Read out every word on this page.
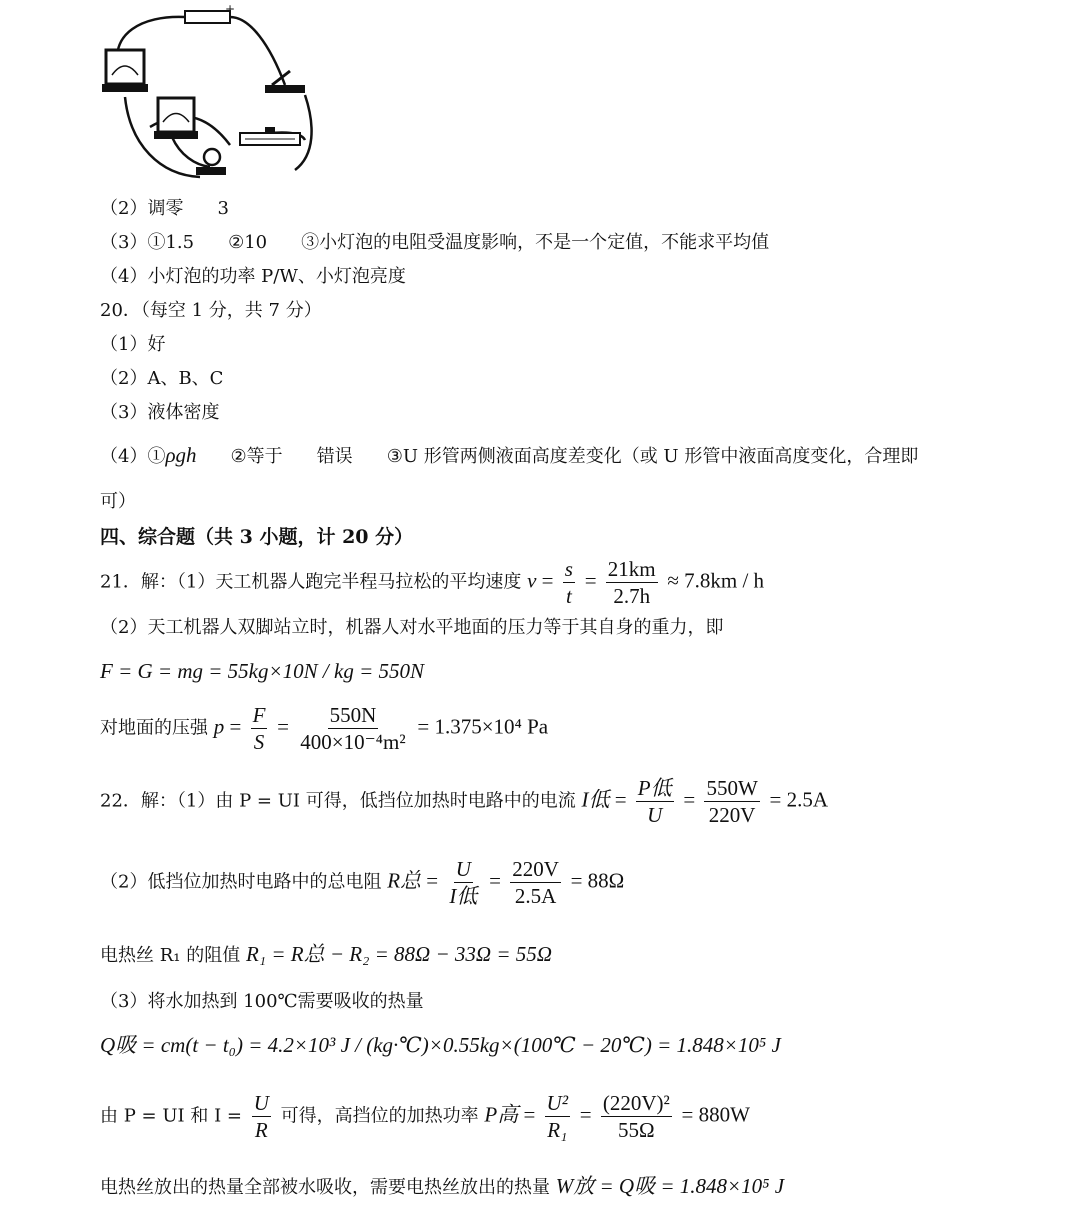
+
（2）调零 3
（3）①1.5 ②10 ③小灯泡的电阻受温度影响，不是一个定值，不能求平均值
（4）小灯泡的功率 P/W、小灯泡亮度
20．（每空 1 分，共 7 分）
（1）好
（2）A、B、C
（3）液体密度
（4）①ρgh ②等于 错误 ③U 形管两侧液面高度差变化（或 U 形管中液面高度变化，合理即
可）
四、综合题（共 3 小题，计 20 分）
21．解：（1）天工机器人跑完半程马拉松的平均速度 $v = \frac{s}{t} = \frac{21km}{2.7h} \approx 7.8km / h$
（2）天工机器人双脚站立时，机器人对水平地面的压力等于其自身的重力，即
F = G = mg = 55kg×10N / kg = 550N
对地面的压强 $p = \frac{F}{S} = \frac{550N}{\text{400×10⁻⁴m²}} = 1.375\times 10^4$ Pa
22．解：（1）由 P = UI 可得，低挡位加热时电路中的电流 I低 = $\frac{\text{P低}}{U} = \frac{550W}{220V} = 2.5A$
（2）低挡位加热时电路中的总电阻 R总 = $\frac{U}{\text{I低}} = \frac{220V}{2.5A} = 88\Omega$
电热丝 R₁ 的阻值 R₁ = R总 − R₂ = 88Ω − 33Ω = 55Ω
（3）将水加热到 100℃需要吸收的热量
Q吸 = cm(t − t₀) = 4.2×10³ J / (kg·℃)×0.55kg×(100℃ − 20℃) = 1.848×10⁵ J
由 P = UI 和 $I = \frac{U}{R}$ 可得，高挡位的加热功率 P高 = $\frac{\text{U²}}{\text{R₁}} = \frac{\text{(220V)²}}{55\Omega} = 880W$
电热丝放出的热量全部被水吸收，需要电热丝放出的热量 W放 = Q吸 = 1.848×10⁵ J
